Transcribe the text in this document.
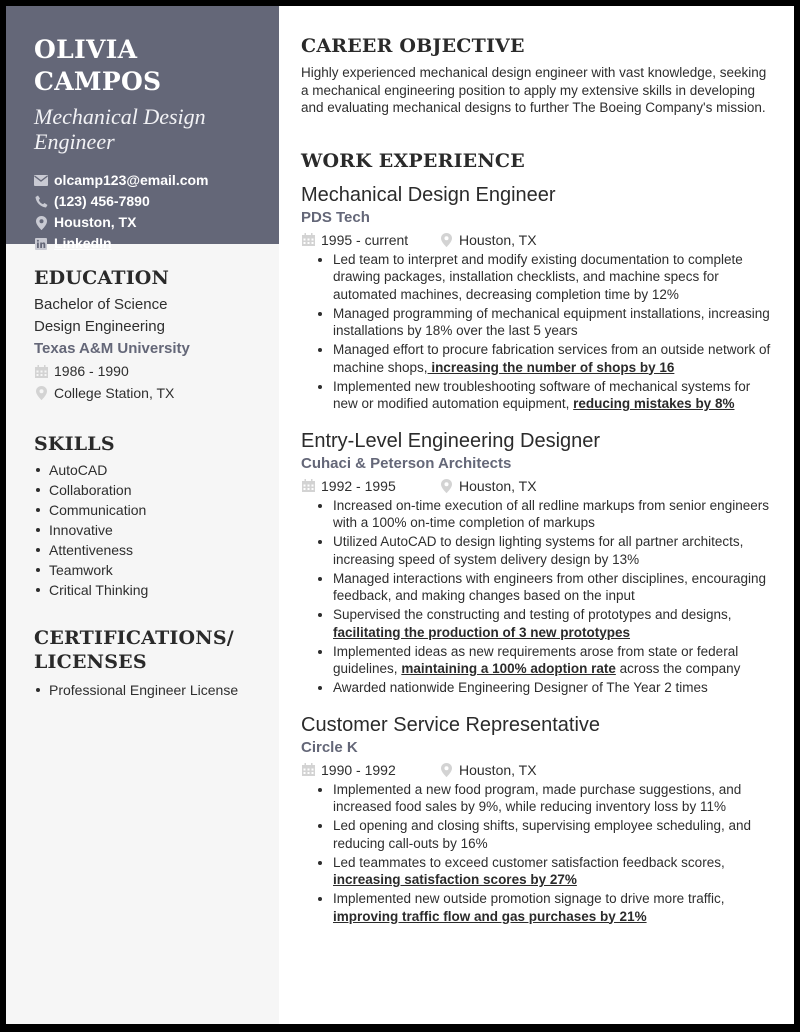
OLIVIA CAMPOS
Mechanical Design Engineer
olcamp123@email.com
(123) 456-7890
Houston, TX
LinkedIn
EDUCATION
Bachelor of Science
Design Engineering
Texas A&M University
1986 - 1990
College Station, TX
SKILLS
AutoCAD
Collaboration
Communication
Innovative
Attentiveness
Teamwork
Critical Thinking
CERTIFICATIONS/
LICENSES
Professional Engineer License
CAREER OBJECTIVE

Highly experienced mechanical design engineer with vast knowledge, seeking a mechanical engineering position to apply my extensive skills in developing and evaluating mechanical designs to further The Boeing Company's mission.

WORK EXPERIENCE
Mechanical Design Engineer
PDS Tech
1995 - current	Houston, TX
Led team to interpret and modify existing documentation to complete drawing packages, installation checklists, and machine specs for automated machines, decreasing completion time by 12%
Managed programming of mechanical equipment installations, increasing installations by 18% over the last 5 years
Managed effort to procure fabrication services from an outside network of machine shops, increasing the number of shops by 16
Implemented new troubleshooting software of mechanical systems for new or modified automation equipment, reducing mistakes by 8%
Entry-Level Engineering Designer
Cuhaci & Peterson Architects
1992 - 1995	Houston, TX
Increased on-time execution of all redline markups from senior engineers with a 100% on-time completion of markups
Utilized AutoCAD to design lighting systems for all partner architects, increasing speed of system delivery design by 13%
Managed interactions with engineers from other disciplines, encouraging feedback, and making changes based on the input
Supervised the constructing and testing of prototypes and designs, facilitating the production of 3 new prototypes
Implemented ideas as new requirements arose from state or federal guidelines, maintaining a 100% adoption rate across the company
Awarded nationwide Engineering Designer of The Year 2 times
Customer Service Representative
Circle K
1990 - 1992	Houston, TX
Implemented a new food program, made purchase suggestions, and increased food sales by 9%, while reducing inventory loss by 11%
Led opening and closing shifts, supervising employee scheduling, and reducing call-outs by 16%
Led teammates to exceed customer satisfaction feedback scores, increasing satisfaction scores by 27%
Implemented new outside promotion signage to drive more traffic, improving traffic flow and gas purchases by 21%
